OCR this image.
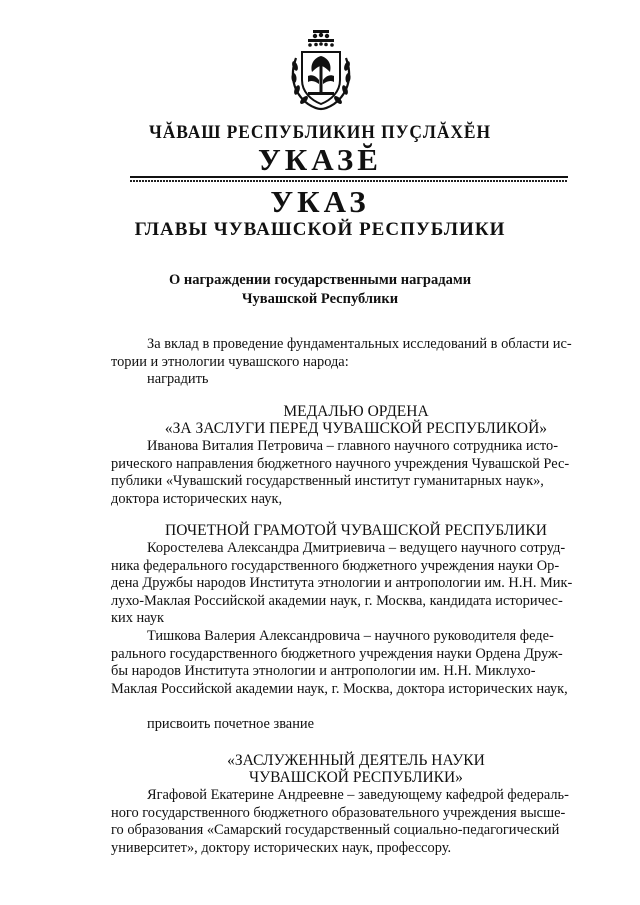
ЧĂВАШ РЕСПУБЛИКИН ПУÇЛĂХĔН
УКАЗĔ
УКАЗ
ГЛАВЫ ЧУВАШСКОЙ РЕСПУБЛИКИ
О награждении государственными наградами
Чувашской Республики

За вклад в проведение фундаментальных исследований в области ис-

тории и этнологии чувашского народа:

наградить

МЕДАЛЬЮ ОРДЕНА

«ЗА ЗАСЛУГИ ПЕРЕД ЧУВАШСКОЙ РЕСПУБЛИКОЙ»

Иванова Виталия Петровича – главного научного сотрудника исто-

рического направления бюджетного научного учреждения Чувашской Рес-

публики «Чувашский государственный институт гуманитарных наук»,

доктора исторических наук,

ПОЧЕТНОЙ ГРАМОТОЙ ЧУВАШСКОЙ РЕСПУБЛИКИ

Коростелева Александра Дмитриевича – ведущего научного сотруд-

ника федерального государственного бюджетного учреждения науки Ор-

дена Дружбы народов Института этнологии и антропологии им. Н.Н. Мик-

лухо-Маклая Российской академии наук, г. Москва, кандидата историчес-

ких наук

Тишкова Валерия Александровича – научного руководителя феде-

рального государственного бюджетного учреждения науки Ордена Друж-

бы народов Института этнологии и антропологии им. Н.Н. Миклухо-

Маклая Российской академии наук, г. Москва, доктора исторических наук,

присвоить почетное звание

«ЗАСЛУЖЕННЫЙ ДЕЯТЕЛЬ НАУКИ

ЧУВАШСКОЙ РЕСПУБЛИКИ»

Ягафовой Екатерине Андреевне – заведующему кафедрой федераль-

ного государственного бюджетного образовательного учреждения высше-

го образования «Самарский государственный социально-педагогический

университет», доктору исторических наук, профессору.
